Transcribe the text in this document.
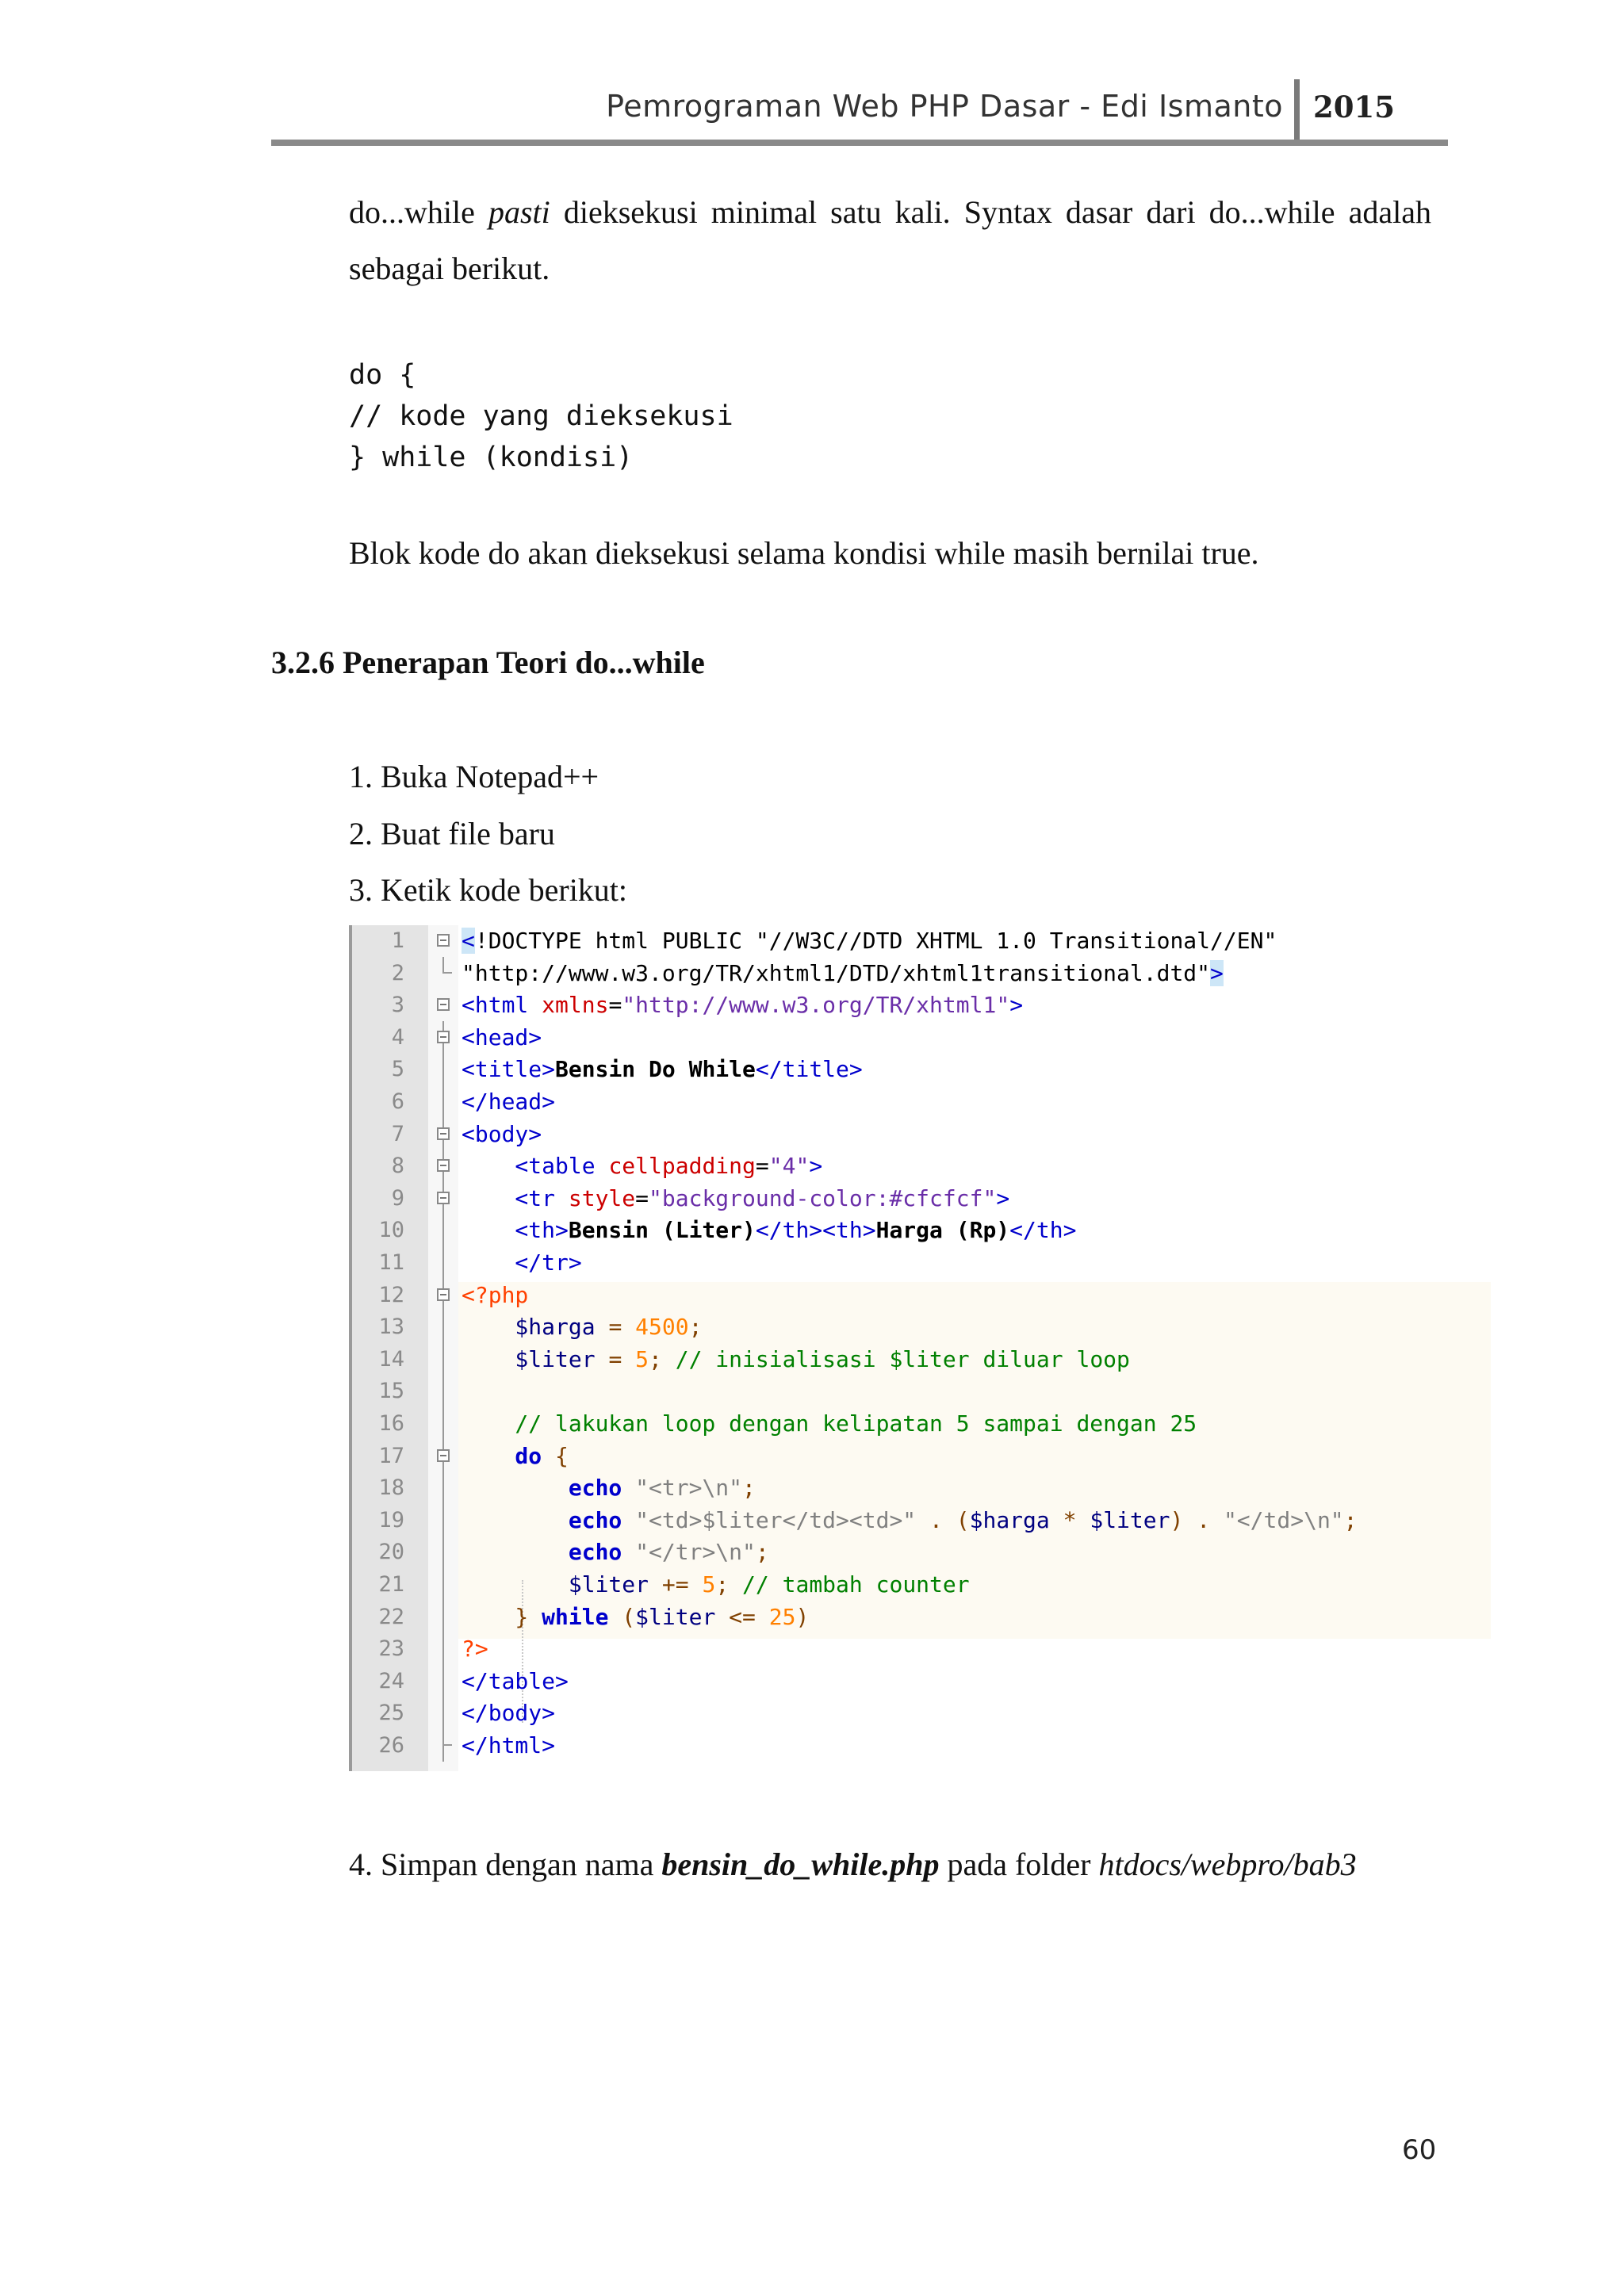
Pemrograman Web PHP Dasar - Edi Ismanto 2015
do...while pasti dieksekusi minimal satu kali. Syntax dasar dari do...while adalah sebagai berikut.
do {
// kode yang dieksekusi
} while (kondisi)
Blok kode do akan dieksekusi selama kondisi while masih bernilai true.
3.2.6 Penerapan Teori do...while
1. Buka Notepad++
2. Buat file baru
3. Ketik kode berikut:
1	<!DOCTYPE html PUBLIC "//W3C//DTD XHTML 1.0 Transitional//EN"
2	"http://www.w3.org/TR/xhtml1/DTD/xhtml1transitional.dtd">
3	<html xmlns="http://www.w3.org/TR/xhtml1">
4	<head>
5	<title>Bensin Do While</title>
6	</head>
7	<body>
8	<table cellpadding="4">
9	<tr style="background-color:#cfcfcf">
10	<th>Bensin (Liter)</th><th>Harga (Rp)</th>
11	</tr>
12	<?php
13	$harga = 4500;
14	$liter = 5; // inisialisasi $liter diluar loop
15
16	// lakukan loop dengan kelipatan 5 sampai dengan 25
17	do {
18	echo "<tr>\n";
19	echo "<td>$liter</td><td>" . ($harga * $liter) . "</td>\n";
20	echo "</tr>\n";
21	$liter += 5; // tambah counter
22	} while ($liter <= 25)
23	?>
24	</table>
25	</body>
26	</html>
4. Simpan dengan nama bensin_do_while.php pada folder htdocs/webpro/bab3
60
